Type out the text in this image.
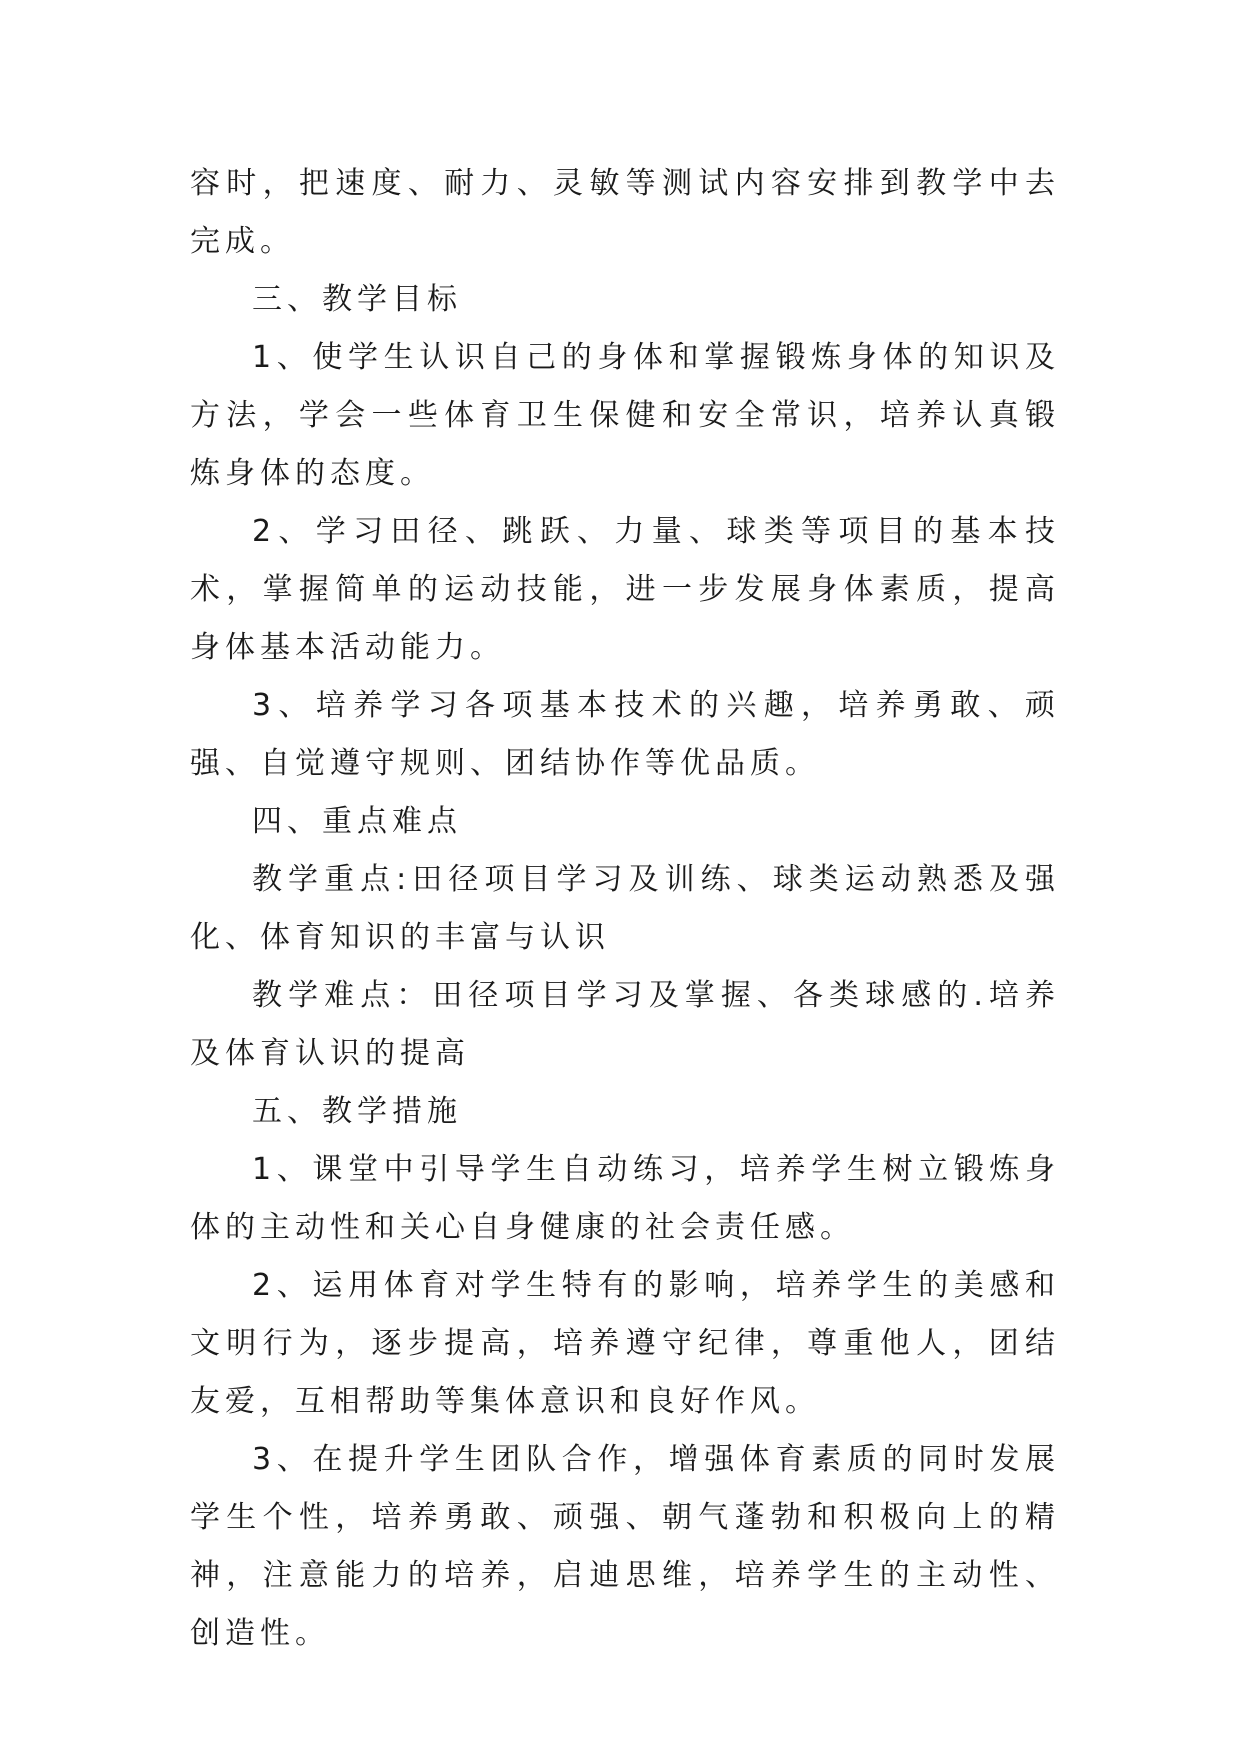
容时，把速度、耐力、灵敏等测试内容安排到教学中去完成。

三、教学目标

1、使学生认识自己的身体和掌握锻炼身体的知识及方法，学会一些体育卫生保健和安全常识，培养认真锻炼身体的态度。

2、学习田径、跳跃、力量、球类等项目的基本技术，掌握简单的运动技能，进一步发展身体素质，提高身体基本活动能力。

3、培养学习各项基本技术的兴趣，培养勇敢、顽强、自觉遵守规则、团结协作等优品质。

四、重点难点

教学重点:田径项目学习及训练、球类运动熟悉及强化、体育知识的丰富与认识

教学难点：田径项目学习及掌握、各类球感的.培养及体育认识的提高

五、教学措施

1、课堂中引导学生自动练习，培养学生树立锻炼身体的主动性和关心自身健康的社会责任感。

2、运用体育对学生特有的影响，培养学生的美感和文明行为，逐步提高，培养遵守纪律，尊重他人，团结友爱，互相帮助等集体意识和良好作风。

3、在提升学生团队合作，增强体育素质的同时发展学生个性，培养勇敢、顽强、朝气蓬勃和积极向上的精神，注意能力的培养，启迪思维，培养学生的主动性、创造性。
